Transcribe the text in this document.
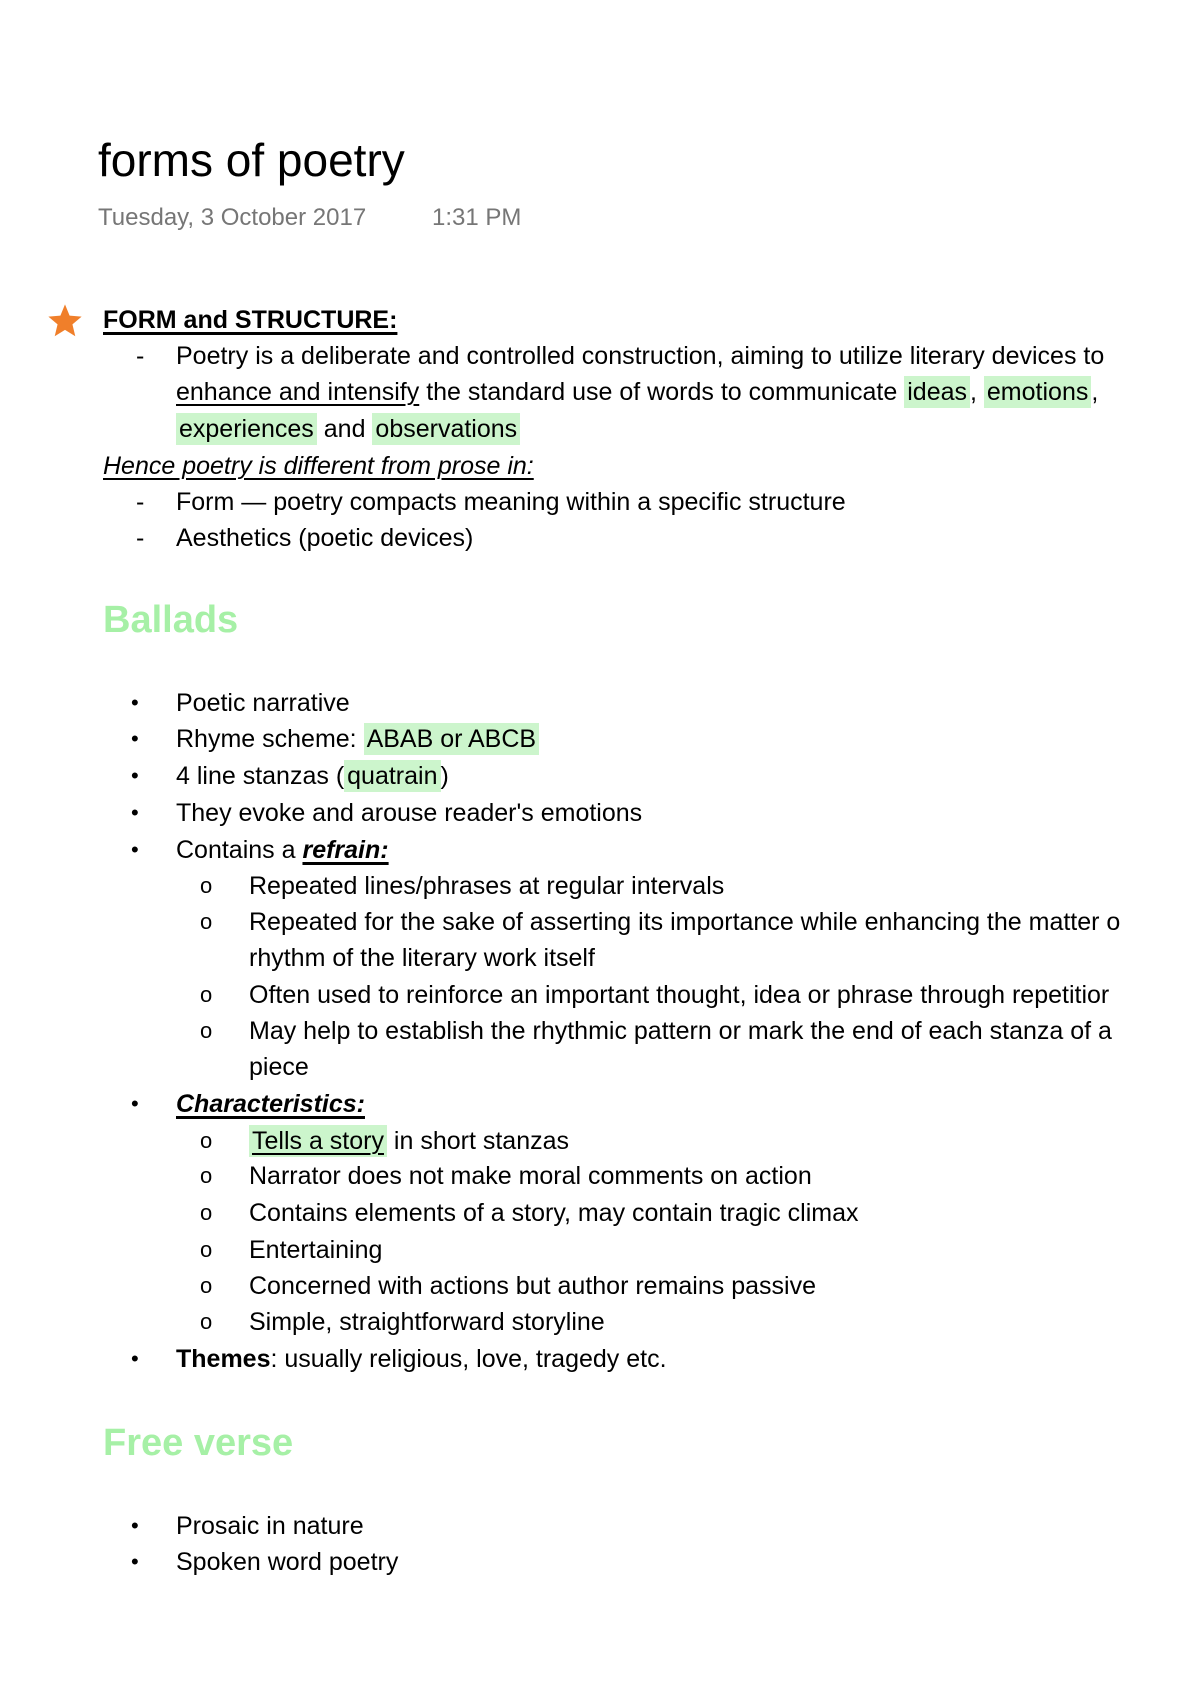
forms of poetry
Tuesday, 3 October 2017	1:31 PM
FORM and STRUCTURE:
- Poetry is a deliberate and controlled construction, aiming to utilize literary devices to
enhance and intensify the standard use of words to communicate ideas , emotions ,
experiences and observations
Hence poetry is different from prose in:
- Form — poetry compacts meaning within a specific structure
- Aesthetics (poetic devices)
Ballads
• Poetic narrative
• Rhyme scheme: ABAB or ABCB
• 4 line stanzas ( quatrain )
• They evoke and arouse reader's emotions
• Contains a refrain:
o Repeated lines/phrases at regular intervals
o Repeated for the sake of asserting its importance while enhancing the matter o
rhythm of the literary work itself
o Often used to reinforce an important thought, idea or phrase through repetitior
o May help to establish the rhythmic pattern or mark the end of each stanza of a
piece
• Characteristics:
o Tells a story in short stanzas
o Narrator does not make moral comments on action
o Contains elements of a story, may contain tragic climax
o Entertaining
o Concerned with actions but author remains passive
o Simple, straightforward storyline
• Themes: usually religious, love, tragedy etc.
Free verse
• Prosaic in nature
• Spoken word poetry
